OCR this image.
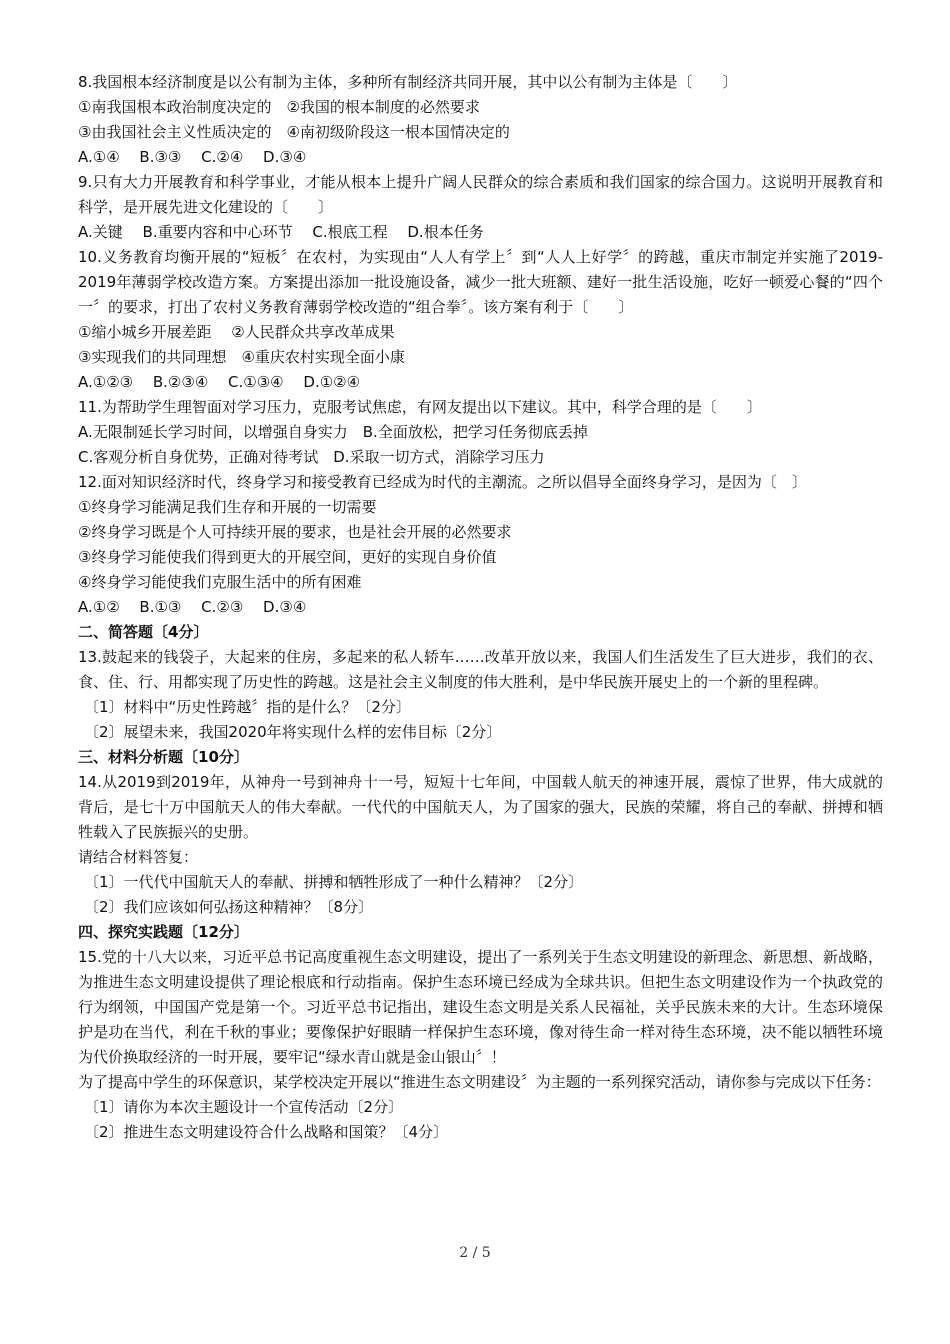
8.我国根本经济制度是以公有制为主体，多种所有制经济共同开展，其中以公有制为主体是〔　　〕
①南我国根本政治制度决定的　②我国的根本制度的必然要求
③由我国社会主义性质决定的　④南初级阶段这一根本国情决定的
A.①④　 B.③③　 C.②④　 D.③④
9.只有大力开展教育和科学事业，才能从根本上提升广阔人民群众的综合素质和我们国家的综合国力。这说明开展教育和科学，是开展先进文化建设的〔　　〕
A.关键　 B.重要内容和中心环节　 C.根底工程　 D.根本任务
10.义务教育均衡开展的“短板〞在农村，为实现由“人人有学上〞到“人人上好学〞的跨越，重庆市制定并实施了2019-2019年薄弱学校改造方案。方案提出添加一批设施设备，减少一批大班额、建好一批生活设施，吃好一顿爱心餐的“四个一〞的要求，打出了农村义务教育薄弱学校改造的“组合拳〞。该方案有利于〔　　〕
①缩小城乡开展差距　 ②人民群众共享改革成果
③实现我们的共同理想　④重庆农村实现全面小康
A.①②③　 B.②③④　 C.①③④　 D.①②④
11.为帮助学生理智面对学习压力，克服考试焦虑，有网友提出以下建议。其中，科学合理的是〔　　〕
A.无限制延长学习时间，以增强自身实力　B.全面放松，把学习任务彻底丢掉
C.客观分析自身优势，正确对待考试　D.采取一切方式，消除学习压力
12.面对知识经济时代，终身学习和接受教育已经成为时代的主潮流。之所以倡导全面终身学习，是因为〔　〕
①终身学习能满足我们生存和开展的一切需要
②终身学习既是个人可持续开展的要求，也是社会开展的必然要求
③终身学习能使我们得到更大的开展空间，更好的实现自身价值
④终身学习能使我们克服生活中的所有困难
A.①②　 B.①③　 C.②③　 D.③④
二、简答题〔4分〕
13.鼓起来的钱袋子，大起来的住房，多起来的私人轿车……改革开放以来，我国人们生活发生了巨大进步，我们的衣、食、住、行、用都实现了历史性的跨越。这是社会主义制度的伟大胜利，是中华民族开展史上的一个新的里程碑。
〔1〕材料中“历史性跨越〞指的是什么？〔2分〕
〔2〕展望未来，我国2020年将实现什么样的宏伟目标〔2分〕
三、材料分析题〔10分〕
14.从2019到2019年，从神舟一号到神舟十一号，短短十七年间，中国载人航天的神速开展，震惊了世界，伟大成就的背后，是七十万中国航天人的伟大奉献。一代代的中国航天人，为了国家的强大，民族的荣耀，将自己的奉献、拼搏和牺牲载入了民族振兴的史册。
请结合材料答复：
〔1〕一代代中国航天人的奉献、拼搏和牺牲形成了一种什么精神？〔2分〕
〔2〕我们应该如何弘扬这种精神？〔8分〕
四、探究实践题〔12分〕
15.党的十八大以来，习近平总书记高度重视生态文明建设，提出了一系列关于生态文明建设的新理念、新思想、新战略，为推进生态文明建设提供了理论根底和行动指南。保护生态环境已经成为全球共识。但把生态文明建设作为一个执政党的行为纲领，中国国产党是第一个。习近平总书记指出，建设生态文明是关系人民福祉，关乎民族未来的大计。生态环境保护是功在当代，利在千秋的事业；要像保护好眼睛一样保护生态环境，像对待生命一样对待生态环境，决不能以牺牲环境为代价换取经济的一时开展，要牢记“绿水青山就是金山银山〞！
为了提高中学生的环保意识，某学校决定开展以“推进生态文明建设〞为主题的一系列探究活动，请你参与完成以下任务：
〔1〕请你为本次主题设计一个宣传活动〔2分〕
〔2〕推进生态文明建设符合什么战略和国策？〔4分〕
2 / 5
